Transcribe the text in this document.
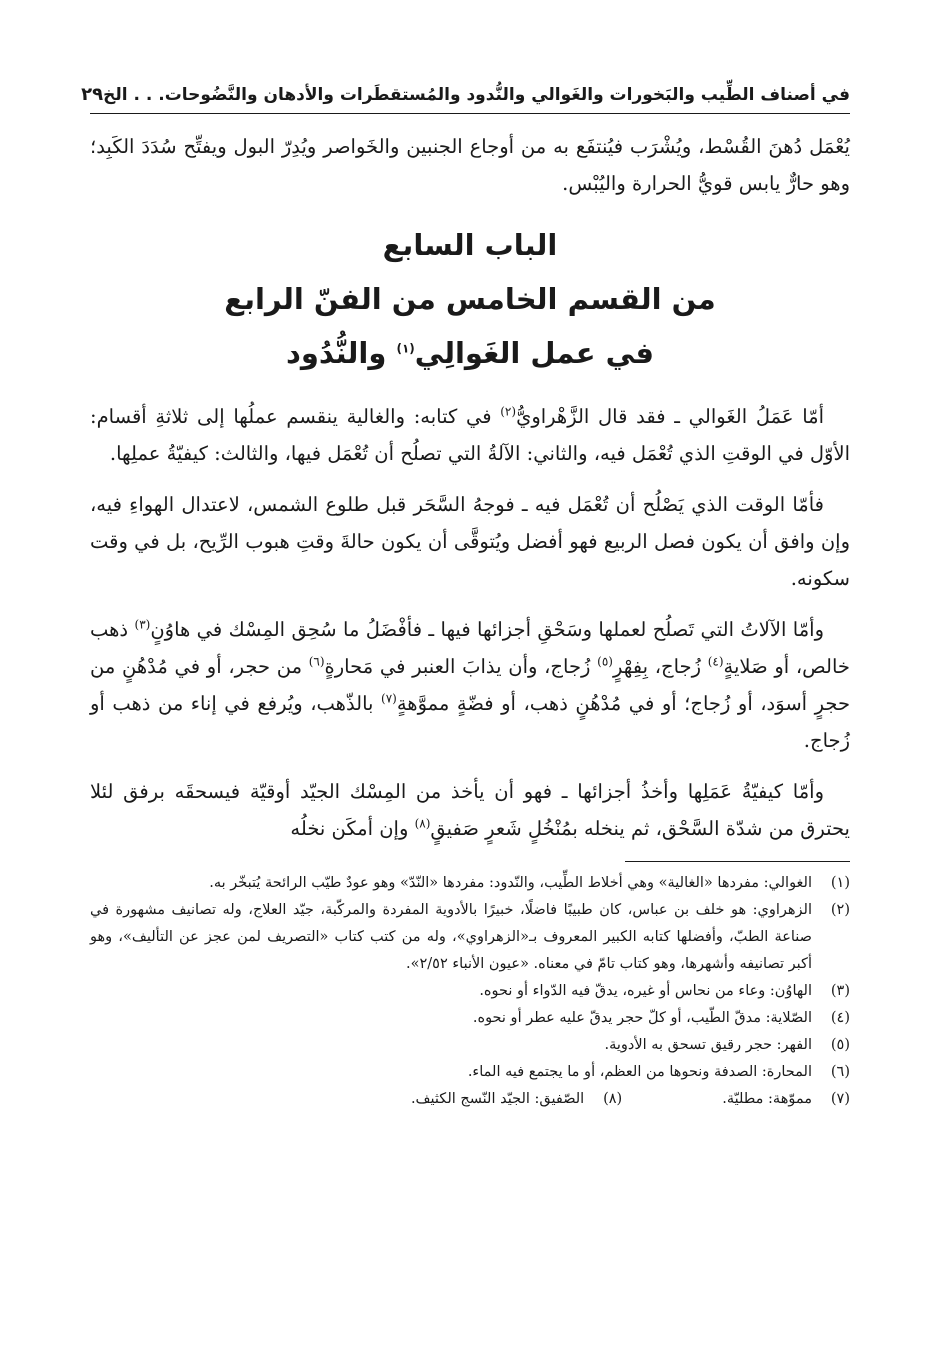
في أصناف الطِّيب والبَخورات والغَوالي والنُّدود والمُستقطَرات والأدهان والنَّضُوحات. . . الخ
٢٩

يُعْمَل دُهنَ القُسْط، ويُشْرَب فيُنتفَع به من أوجاع الجنبين والخَواصر ويُدِرّ البول ويفتِّح سُدَدَ الكَبِد؛ وهو حارٌّ يابس قويُّ الحرارة واليُبْس.

الباب السابع
من القسم الخامس من الفنّ الرابع
في عمل الغَوالِي$^{(١)}$ والنُّدُود

أمّا عَمَلُ الغَوالي ـ فقد قال الزَّهْراويُّ$^{(٢)}$ في كتابه: والغالية ينقسم عملُها إلى ثلاثةِ أقسام: الأوّل في الوقتِ الذي تُعْمَل فيه، والثاني: الآلةُ التي تصلُح أن تُعْمَل فيها، والثالث: كيفيّةُ عملِها.

فأمّا الوقت الذي يَصْلُح أن تُعْمَل فيه ـ فوجهُ السَّحَر قبل طلوع الشمس، لاعتدال الهواءِ فيه، وإن وافق أن يكون فصل الربيع فهو أفضل ويُتوقَّى أن يكون حالةَ وقتِ هبوب الرِّيح، بل في وقت سكونه.

وأمّا الآلاتُ التي تَصلُح لعملها وسَحْقِ أجزائها فيها ـ فأفْضَلُ ما سُحِق المِسْك في هاوُنٍ$^{(٣)}$ ذهب خالص، أو صَلايةٍ$^{(٤)}$ زُجاج، بِفِهْرٍ$^{(٥)}$ زُجاج، وأن يذابَ العنبر في مَحارةٍ$^{(٦)}$ من حجر، أو في مُدْهُنٍ من حجرٍ أسوَد، أو زُجاج؛ أو في مُدْهُنٍ ذهب، أو فضّةٍ مموَّهةٍ$^{(٧)}$ بالذّهب، ويُرفع في إناء من ذهب أو زُجاج.

وأمّا كيفيّةُ عَمَلِها وأخذُ أجزائها ـ فهو أن يأخذ من المِسْك الجيّد أوقيّة فيسحقَه برفق لئلا يحترق من شدّة السَّحْق، ثم ينخله بمُنْخُلٍ شَعرٍ صَفيقٍ$^{(٨)}$ وإن أمكَن نخلُه

(١)
الغوالي: مفردها «الغالية» وهي أخلاط الطِّيب، والنّدود: مفردها «النّدّ» وهو عودٌ طيّب الرائحة يُتبخّر به.
(٢)
الزهراوي: هو خلف بن عباس، كان طبيبًا فاضلًا، خبيرًا بالأدوية المفردة والمركّبة، جيّد العلاج، وله تصانيف مشهورة في صناعة الطبّ، وأفضلها كتابه الكبير المعروف بـ«الزهراوي»، وله من كتب كتاب «التصريف لمن عجز عن التأليف»، وهو أكبر تصانيفه وأشهرها، وهو كتاب تامّ في معناه. «عيون الأنباء ٢/٥٢».
(٣)
الهاوُن: وعاء من نحاس أو غيره، يدقّ فيه الدّواء أو نحوه.
(٤)
الصّلاية: مدقّ الطّيب، أو كلّ حجر يدقّ عليه عطر أو نحوه.
(٥)
الفهر: حجر رقيق تسحق به الأدوية.
(٦)
المحارة: الصدفة ونحوها من العظم، أو ما يجتمع فيه الماء.
(٧)
مموّهة: مطليّة.
(٨)
الصّفيق: الجيّد النّسج الكثيف.
